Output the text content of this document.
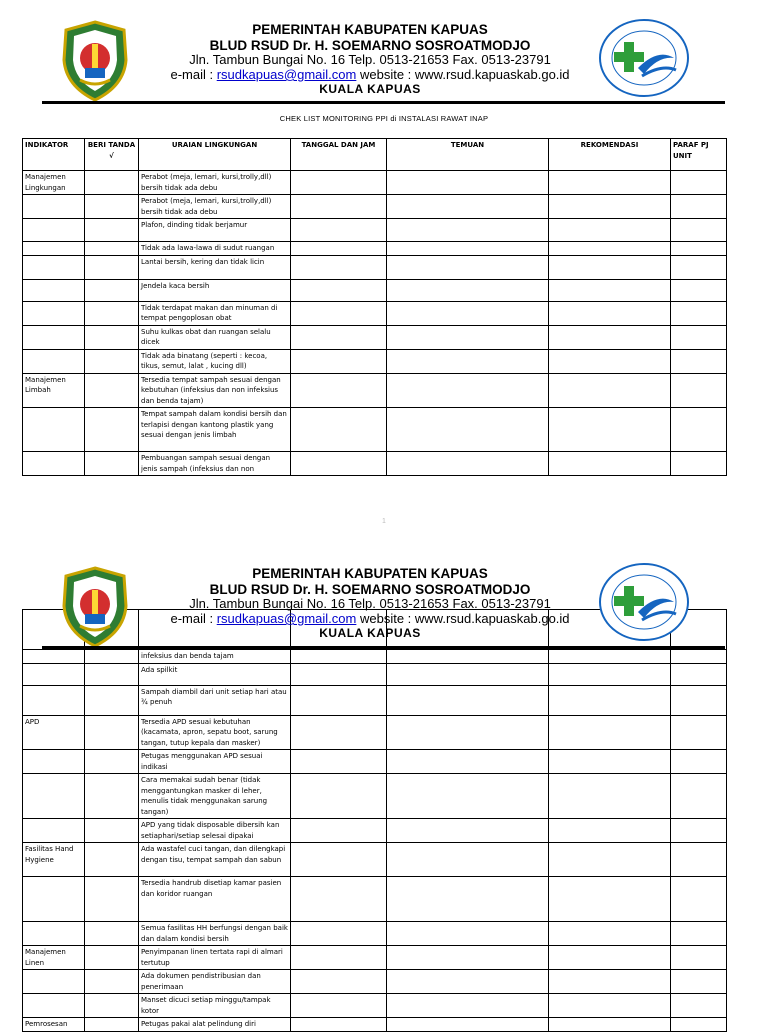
PEMERINTAH KABUPATEN KAPUAS
BLUD RSUD Dr. H. SOEMARNO SOSROATMODJO
Jln. Tambun Bungai No. 16 Telp. 0513-21653 Fax. 0513-23791
e-mail : rsudkapuas@gmail.com website : www.rsud.kapuaskab.go.id
KUALA KAPUAS
CHEK LIST MONITORING PPI di INSTALASI RAWAT INAP
INDIKATOR	BERI TANDA √	URAIAN LINGKUNGAN	TANGGAL DAN JAM	TEMUAN	REKOMENDASI	PARAF PJ UNIT
Manajemen Lingkungan		Perabot (meja, lemari, kursi,trolly,dll) bersih tidak ada debu				
		Perabot (meja, lemari, kursi,trolly,dll) bersih tidak ada debu				
		Plafon, dinding tidak berjamur				
		Tidak ada lawa-lawa di sudut ruangan				
		Lantai bersih, kering dan tidak licin				
		Jendela kaca bersih				
		Tidak terdapat makan dan minuman di tempat pengoplosan obat				
		Suhu kulkas obat dan ruangan selalu dicek				
		Tidak ada binatang (seperti : kecoa, tikus, semut, lalat , kucing dll)				
Manajemen Limbah		Tersedia tempat sampah sesuai dengan kebutuhan (infeksius dan non infeksius dan benda tajam)				
		Tempat sampah dalam kondisi bersih dan terlapisi dengan kantong plastik yang sesuai dengan jenis limbah				
		Pembuangan sampah sesuai dengan jenis sampah (infeksius dan non				
1

		infeksius dan benda tajam				
		Ada spilkit				
		Sampah diambil dari unit setiap hari atau ¾ penuh				
APD		Tersedia APD sesuai kebutuhan (kacamata, apron, sepatu boot, sarung tangan, tutup kepala dan masker)				
		Petugas menggunakan APD sesuai indikasi				
		Cara memakai sudah benar (tidak menggantungkan masker di leher, menulis tidak menggunakan sarung tangan)				
		APD yang tidak disposable dibersih kan setiaphari/setiap selesai dipakai				
Fasilitas Hand Hygiene		Ada wastafel cuci tangan, dan dilengkapi dengan tisu, tempat sampah dan sabun				
		Tersedia handrub disetiap kamar pasien dan koridor ruangan				
		Semua fasilitas HH berfungsi dengan baik dan dalam kondisi bersih				
Manajemen Linen		Penyimpanan linen tertata rapi di almari tertutup				
		Ada dokumen pendistribusian dan penerimaan				
		Manset dicuci setiap minggu/tampak kotor				
Pemrosesan		Petugas pakai alat pelindung diri				
PEMERINTAH KABUPATEN KAPUAS
BLUD RSUD Dr. H. SOEMARNO SOSROATMODJO
Jln. Tambun Bungai No. 16 Telp. 0513-21653 Fax. 0513-23791
e-mail : rsudkapuas@gmail.com website : www.rsud.kapuaskab.go.id
KUALA KAPUAS
